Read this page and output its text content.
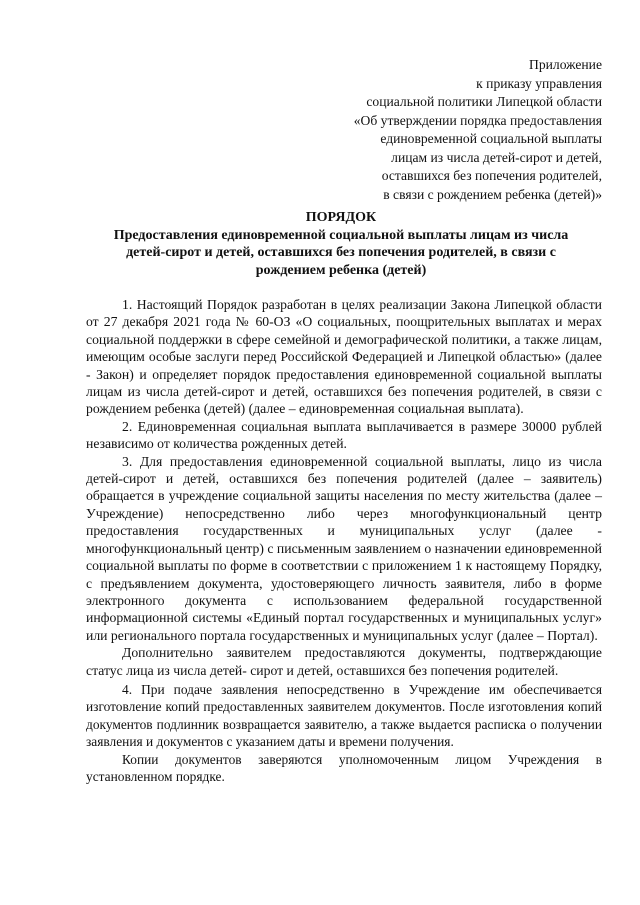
Приложение
к приказу управления
социальной политики Липецкой области
«Об утверждении порядка предоставления
единовременной социальной выплаты
лицам из числа детей-сирот и детей,
оставшихся без попечения родителей,
в связи с рождением ребенка (детей)»
ПОРЯДОК
Предоставления единовременной социальной выплаты лицам из числа
детей-сирот и детей, оставшихся без попечения родителей, в связи с
рождением ребенка (детей)

1. Настоящий Порядок разработан в целях реализации Закона Липецкой области от 27 декабря 2021 года № 60-ОЗ «О социальных, поощрительных выплатах и мерах социальной поддержки в сфере семейной и демографической политики, а также лицам, имеющим особые заслуги перед Российской Федерацией и Липецкой областью» (далее - Закон) и определяет порядок предоставления единовременной социальной выплаты лицам из числа детей-сирот и детей, оставшихся без попечения родителей, в связи с рождением ребенка (детей) (далее – единовременная социальная выплата).

2. Единовременная социальная выплата выплачивается в размере 30000 рублей независимо от количества рожденных детей.

3. Для предоставления единовременной социальной выплаты, лицо из числа детей-сирот и детей, оставшихся без попечения родителей (далее – заявитель) обращается в учреждение социальной защиты населения по месту жительства (далее – Учреждение) непосредственно либо через многофункциональный центр предоставления государственных и муниципальных услуг (далее - многофункциональный центр) с письменным заявлением о назначении единовременной социальной выплаты по форме в соответствии с приложением 1 к настоящему Порядку, с предъявлением документа, удостоверяющего личность заявителя, либо в форме электронного документа с использованием федеральной государственной информационной системы «Единый портал государственных и муниципальных услуг» или регионального портала государственных и муниципальных услуг (далее – Портал).

Дополнительно заявителем предоставляются документы, подтверждающие статус лица из числа детей- сирот и детей, оставшихся без попечения родителей.

4. При подаче заявления непосредственно в Учреждение им обеспечивается изготовление копий предоставленных заявителем документов. После изготовления копий документов подлинник возвращается заявителю, а также выдается расписка о получении заявления и документов с указанием даты и времени получения.

Копии документов заверяются уполномоченным лицом Учреждения в установленном порядке.
